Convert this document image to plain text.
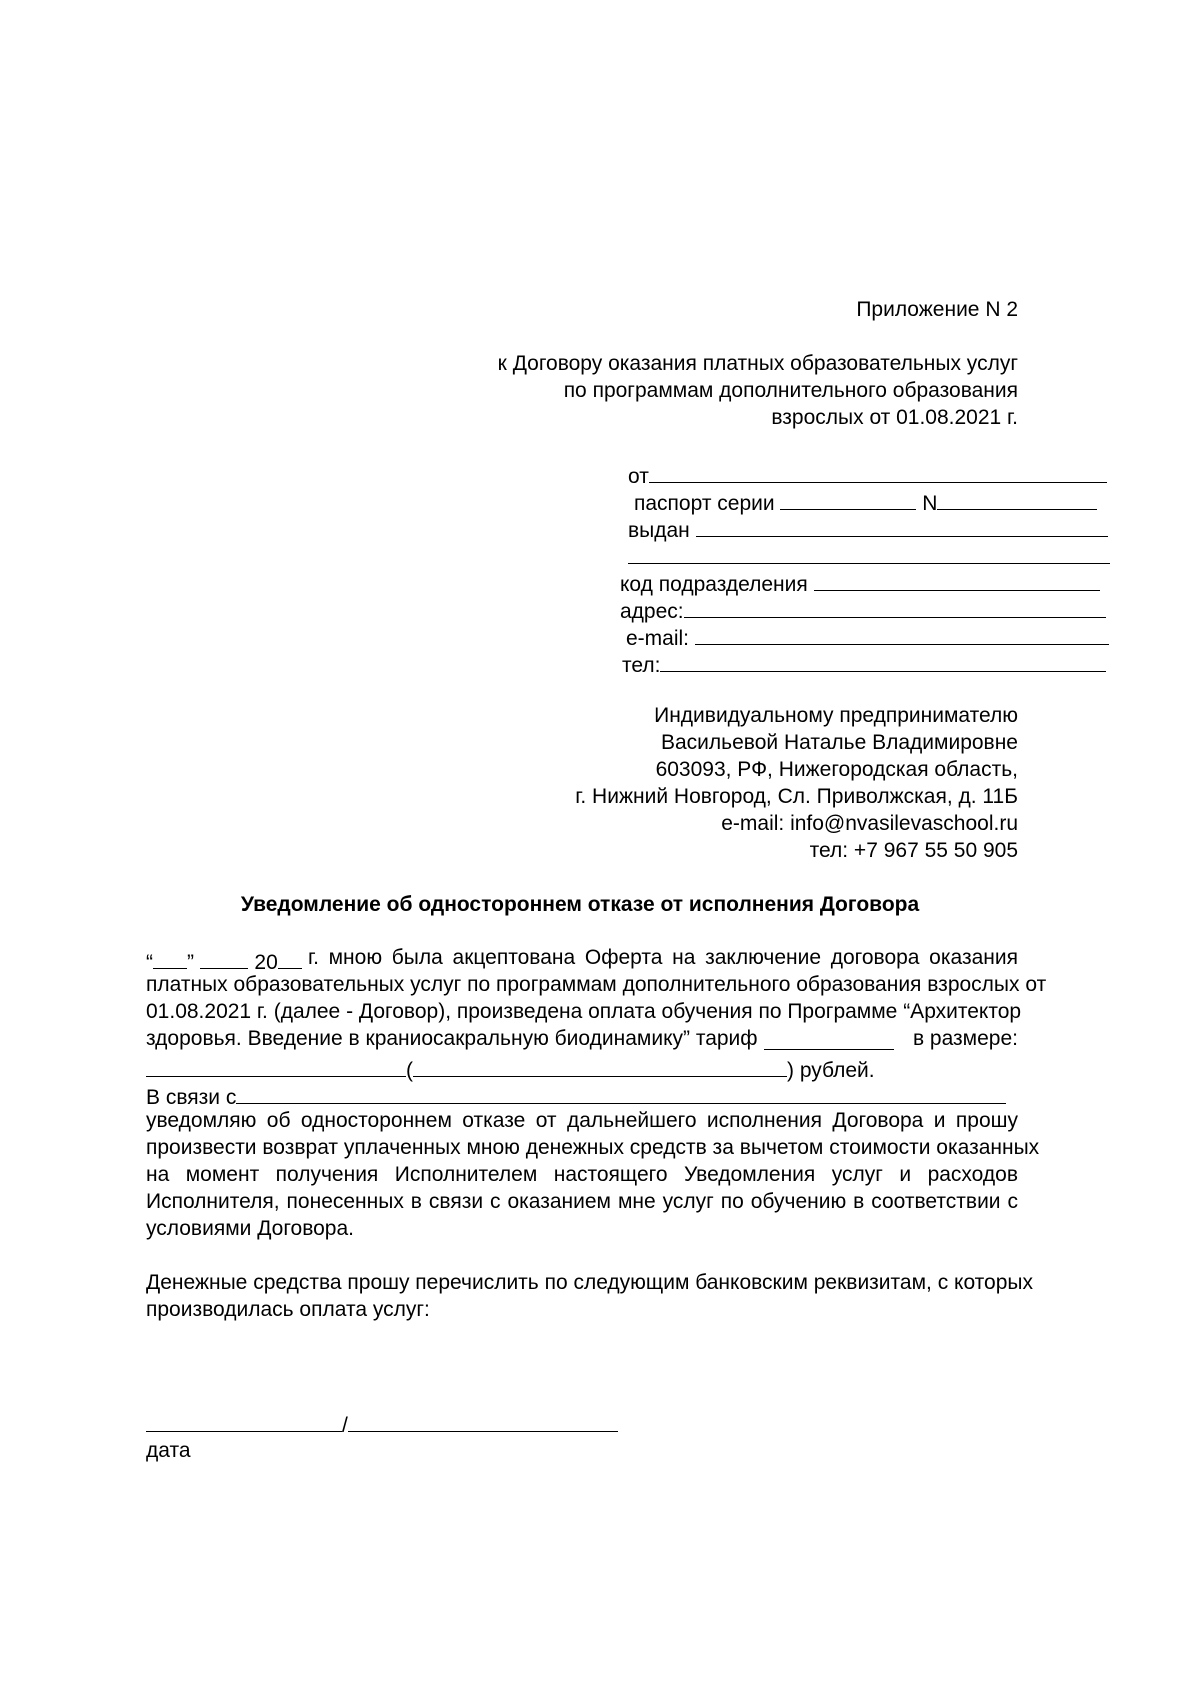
Приложение N 2
к Договору оказания платных образовательных услуг
по программам дополнительного образования
взрослых от 01.08.2021 г.
от
паспорт серии	N
выдан
код подразделения
адрес:
e-mail:
тел:
Индивидуальному предпринимателю
Васильевой Наталье Владимировне
603093, РФ, Нижегородская область,
г. Нижний Новгород, Сл. Приволжская, д. 11Б
e-mail: info@nvasilevaschool.ru
тел: +7 967 55 50 905
Уведомление об одностороннем отказе от исполнения Договора
“ ”	20	г. мною была акцептована Оферта на заключение договора оказания
платных образовательных услуг по программам дополнительного образования взрослых от
01.08.2021 г. (далее - Договор), произведена оплата обучения по Программе “Архитектор
здоровья. Введение в краниосакральную биодинамику” тариф	в размере:
(	) рублей.
В связи с
уведомляю об одностороннем отказе от дальнейшего исполнения Договора и прошу
произвести возврат уплаченных мною денежных средств за вычетом стоимости оказанных
на момент получения Исполнителем настоящего Уведомления услуг и расходов
Исполнителя, понесенных в связи с оказанием мне услуг по обучению в соответствии с
условиями Договора.
Денежные средства прошу перечислить по следующим банковским реквизитам, с которых
производилась оплата услуг:
/
дата
